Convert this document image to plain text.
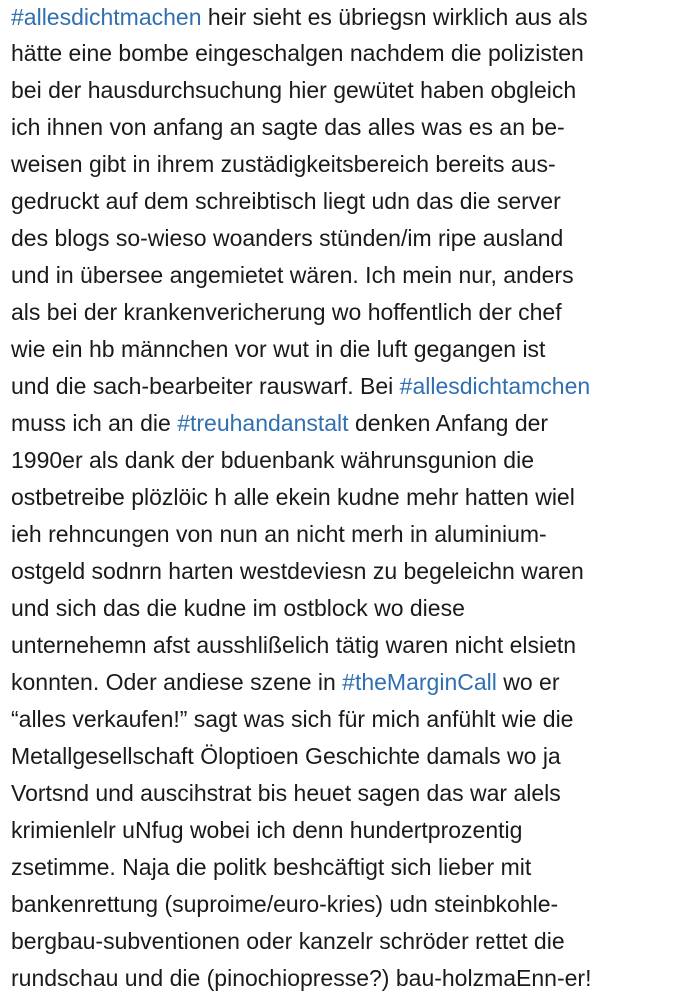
#allesdichtmachen heir sieht es übriegsn wirklich aus als
hätte eine bombe eingeschalgen nachdem die polizisten
bei der hausdurchsuchung hier gewütet haben obgleich
ich ihnen von anfang an sagte das alles was es an be-
weisen gibt in ihrem zustädigkeitsbereich bereits aus-
gedruckt auf dem schreibtisch liegt udn das die server
des blogs so-wieso woanders stünden/im ripe ausland
und in übersee angemietet wären. Ich mein nur, anders
als bei der krankenvericherung wo hoffentlich der chef
wie ein hb männchen vor wut in die luft gegangen ist
und die sach-bearbeiter rauswarf. Bei #allesdichtamchen
muss ich an die #treuhandanstalt denken Anfang der
1990er als dank der bduenbank währunsgunion die
ostbetreibe plözlöic h alle ekein kudne mehr hatten wiel
ieh rehncungen von nun an nicht merh in aluminium-
ostgeld sodnrn harten westdeviesn zu begeleichn waren
und sich das die kudne im ostblock wo diese
unternehemn afst ausshlißelich tätig waren nicht elsietn
konnten. Oder andiese szene in #theMarginCall wo er
“alles verkaufen!” sagt was sich für mich anfühlt wie die
Metallgesellschaft Öloptioen Geschichte damals wo ja
Vortsnd und auscihstrat bis heuet sagen das war alels
krimienlelr uNfug wobei ich denn hundertprozentig
zsetimme. Naja die politk beshcäftigt sich lieber mit
bankenrettung (suproime/euro-kries) udn steinbkohle-
bergbau-subventionen oder kanzelr schröder rettet die
rundschau und die (pinochiopresse?) bau-holzmaEnn-er!
